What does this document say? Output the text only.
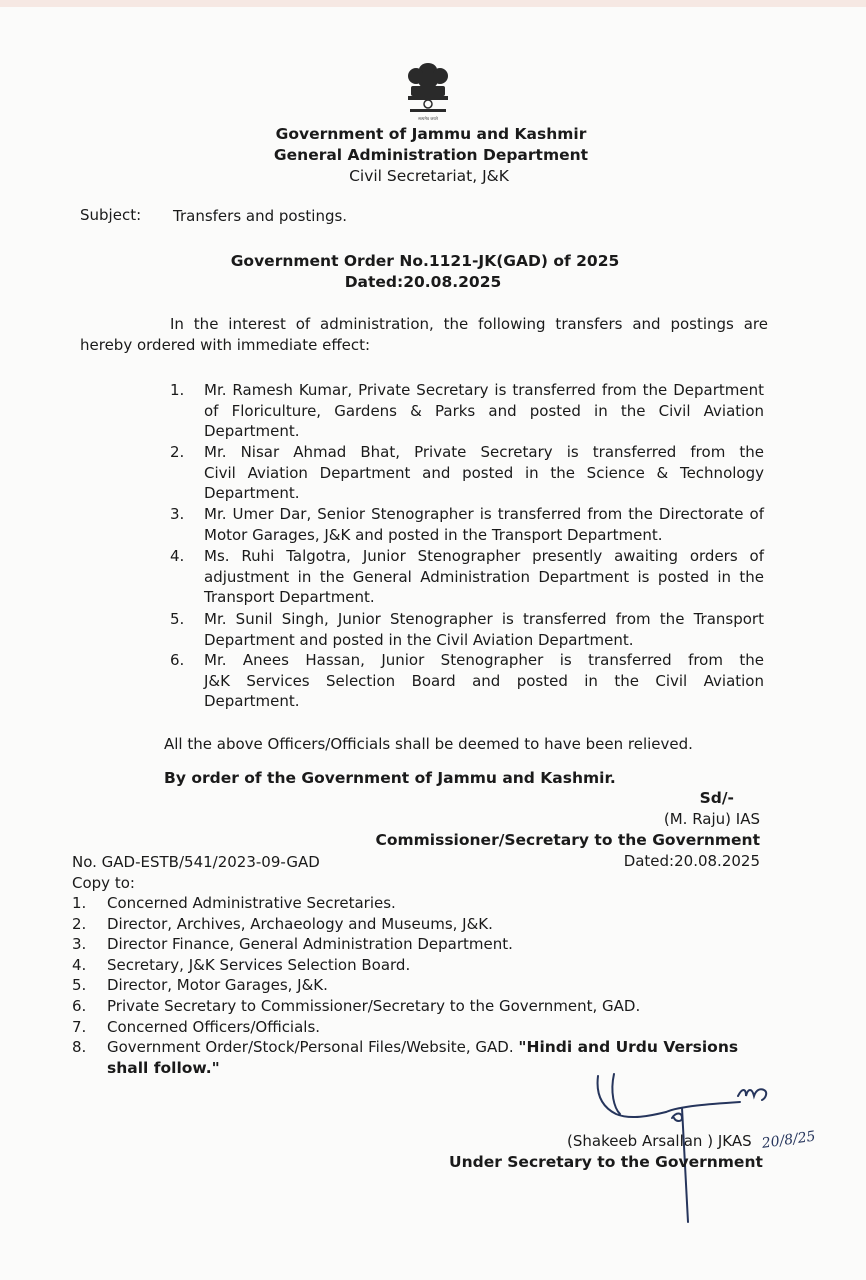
सत्यमेव जयते
Government of Jammu and Kashmir
General Administration Department
Civil Secretariat, J&K
Subject: Transfers and postings.
Government Order No.1121-JK(GAD) of 2025
Dated:20.08.2025
In the interest of administration, the following transfers and postings are hereby ordered with immediate effect:
1.	Mr. Ramesh Kumar, Private Secretary is transferred from the Department
of Floriculture, Gardens & Parks and posted in the Civil Aviation
Department.
2.	Mr. Nisar Ahmad Bhat, Private Secretary is transferred from the
Civil Aviation Department and posted in the Science & Technology
Department.
3.	Mr. Umer Dar, Senior Stenographer is transferred from the Directorate of
Motor Garages, J&K and posted in the Transport Department.
4.	Ms. Ruhi Talgotra, Junior Stenographer presently awaiting orders of
adjustment in the General Administration Department is posted in the
Transport Department.
5.	Mr. Sunil Singh, Junior Stenographer is transferred from the Transport
Department and posted in the Civil Aviation Department.
6.	Mr. Anees Hassan, Junior Stenographer is transferred from the
J&K Services Selection Board and posted in the Civil Aviation
Department.
All the above Officers/Officials shall be deemed to have been relieved.
By order of the Government of Jammu and Kashmir.
Sd/-
(M. Raju) IAS
Commissioner/Secretary to the Government
Dated:20.08.2025
No. GAD-ESTB/541/2023-09-GAD
Copy to:
1.	Concerned Administrative Secretaries.
2.	Director, Archives, Archaeology and Museums, J&K.
3.	Director Finance, General Administration Department.
4.	Secretary, J&K Services Selection Board.
5.	Director, Motor Garages, J&K.
6.	Private Secretary to Commissioner/Secretary to the Government, GAD.
7.	Concerned Officers/Officials.
8.	Government Order/Stock/Personal Files/Website, GAD. "Hindi and Urdu Versions
shall follow."
20/8/25
(Shakeeb Arsallan ) JKAS
Under Secretary to the Government
